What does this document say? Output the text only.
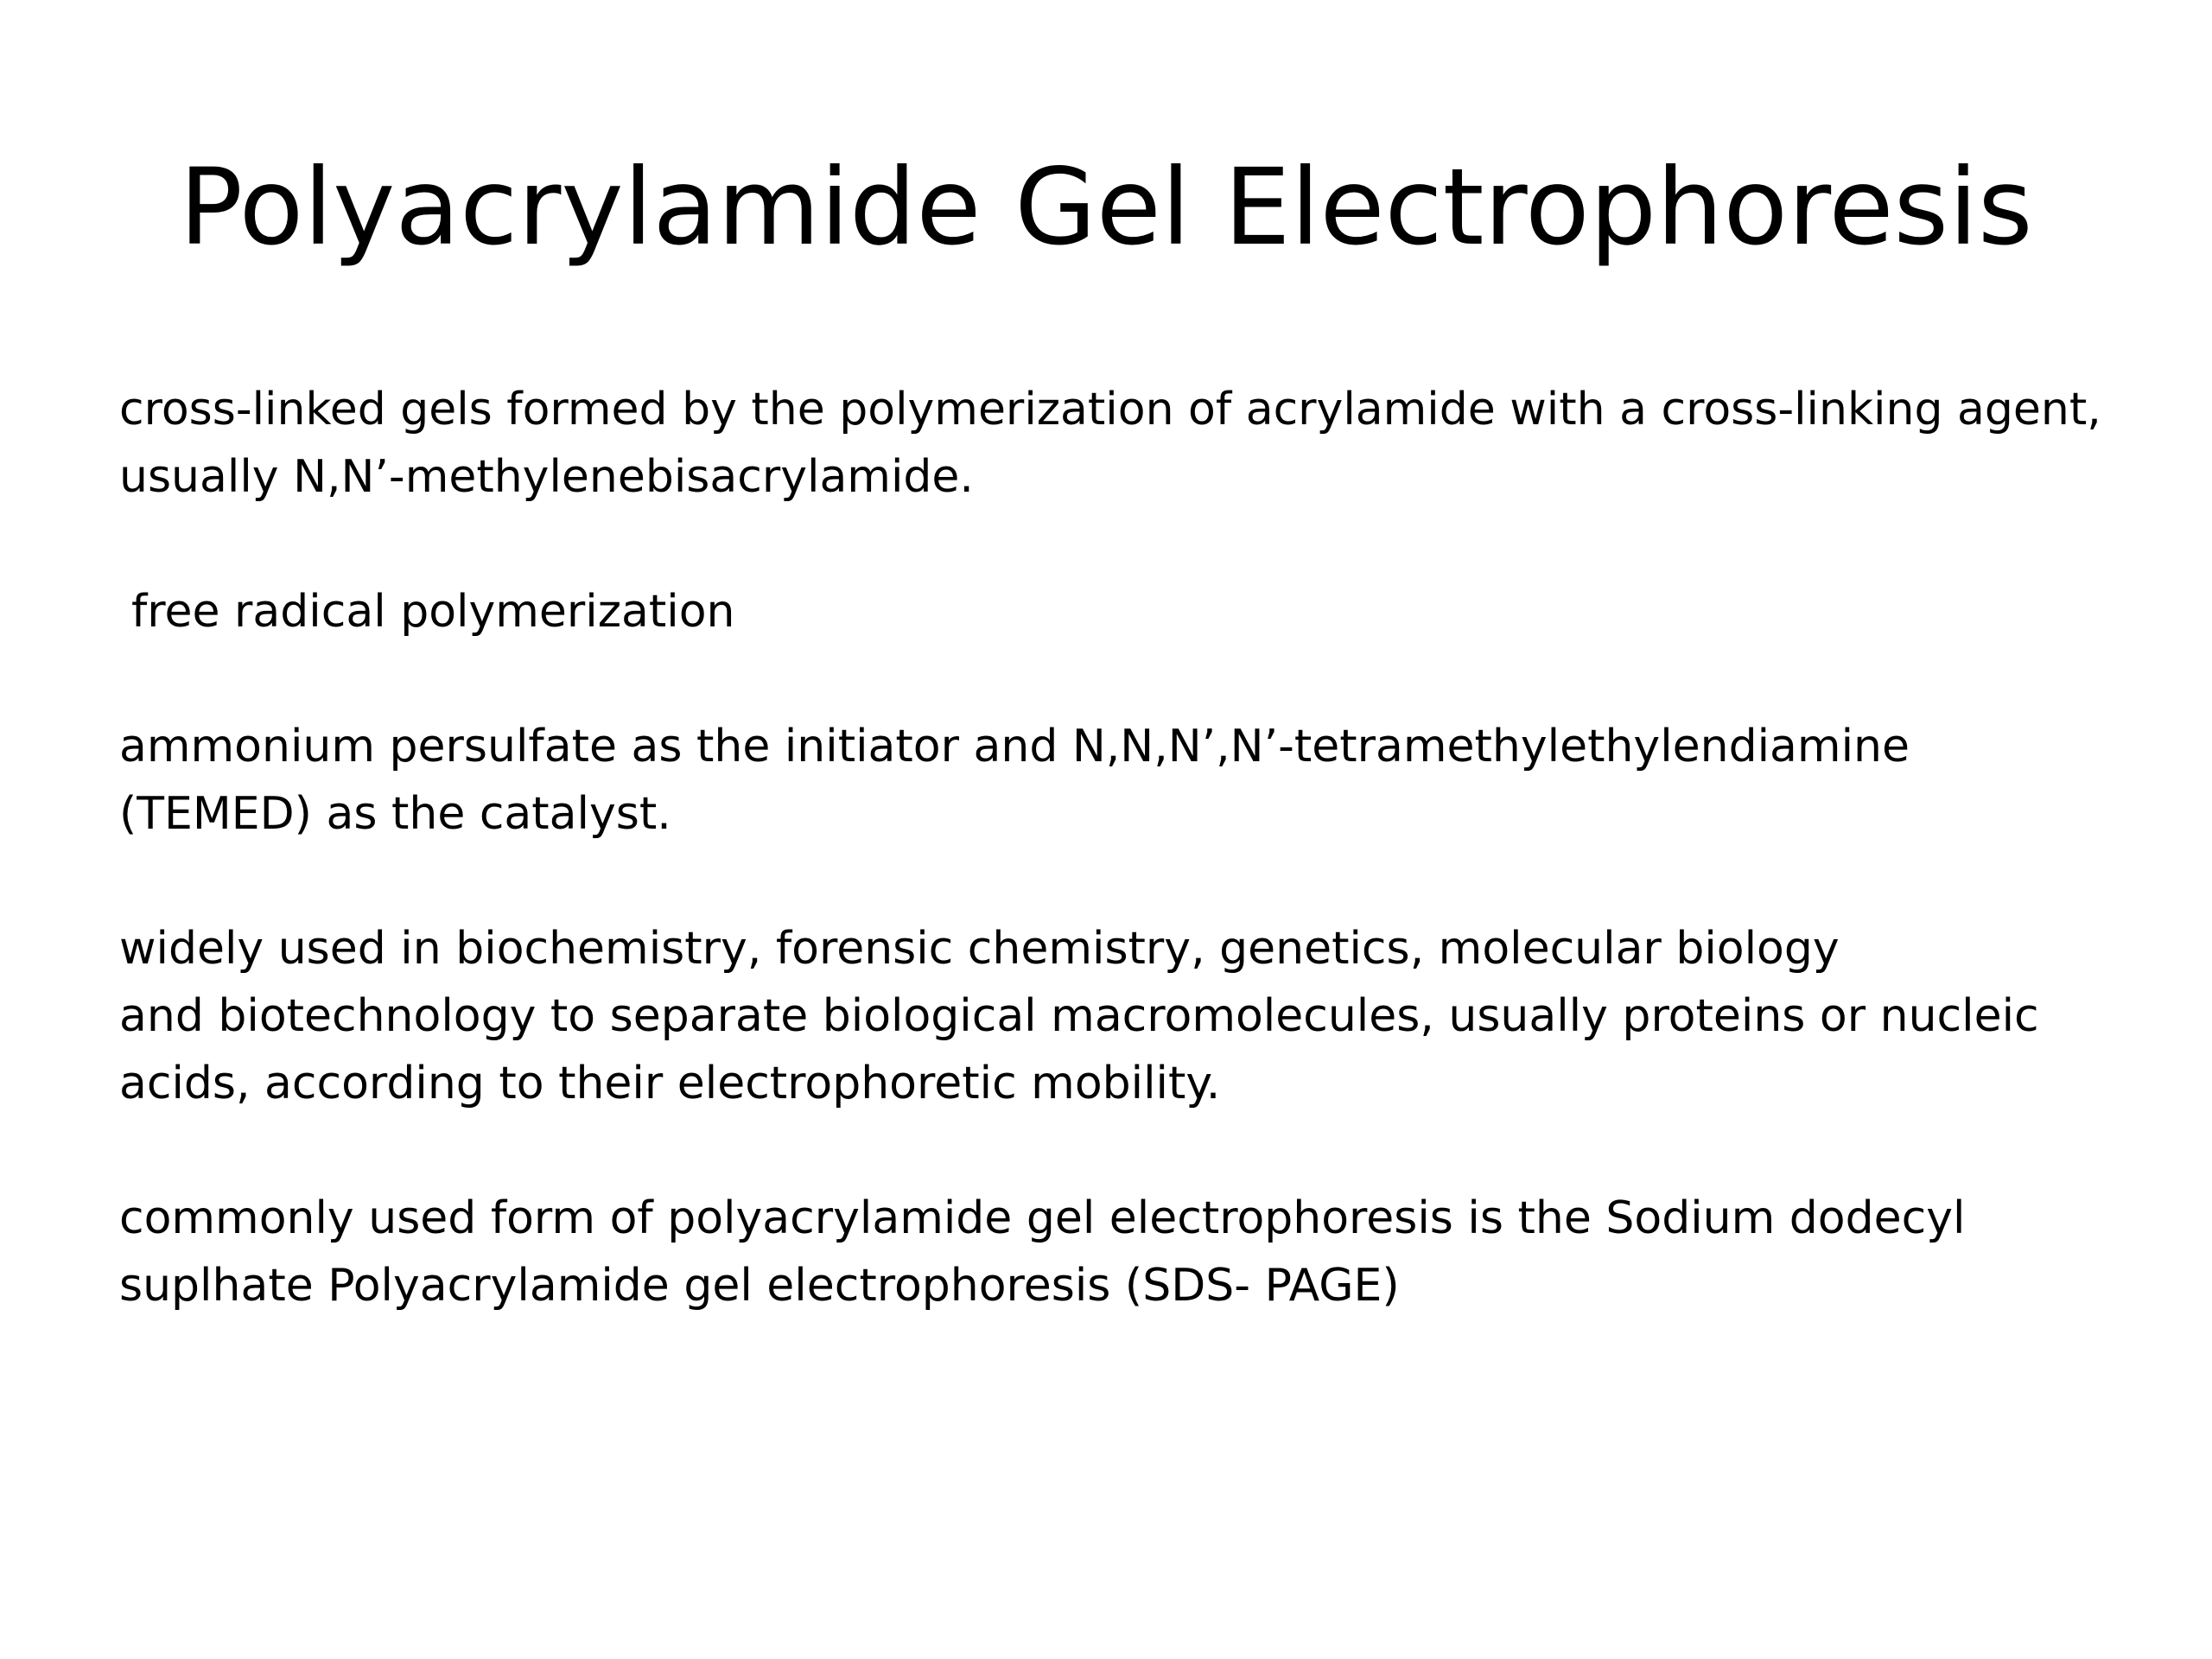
Polyacrylamide Gel Electrophoresis

cross-linked gels formed by the polymerization of acrylamide with a cross-linking agent,
usually N,N’-methylenebisacrylamide.

free radical polymerization

ammonium persulfate as the initiator and N,N,N’,N’-tetramethylethylendiamine
(TEMED) as the catalyst.

widely used in biochemistry, forensic chemistry, genetics, molecular biology
and biotechnology to separate biological macromolecules, usually proteins or nucleic
acids, according to their electrophoretic mobility.

commonly used form of polyacrylamide gel electrophoresis is the Sodium dodecyl
suplhate Polyacrylamide gel electrophoresis (SDS- PAGE)
